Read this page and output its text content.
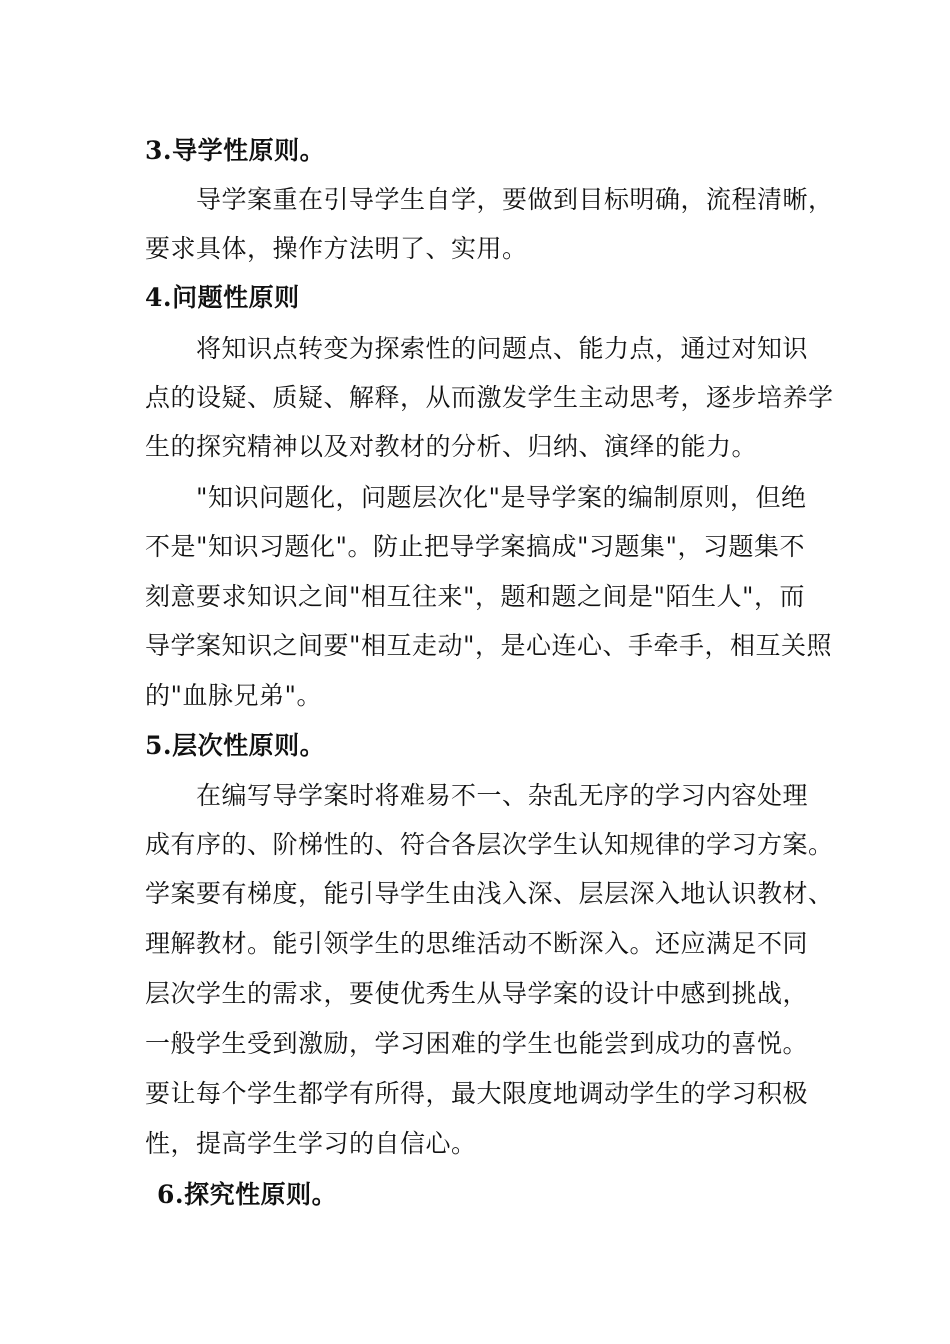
3.导学性原则。
导学案重在引导学生自学，要做到目标明确，流程清晰，
要求具体，操作方法明了、实用。
4.问题性原则
将知识点转变为探索性的问题点、能力点，通过对知识
点的设疑、质疑、解释，从而激发学生主动思考，逐步培养学
生的探究精神以及对教材的分析、归纳、演绎的能力。
"知识问题化，问题层次化"是导学案的编制原则，但绝
不是"知识习题化"。防止把导学案搞成"习题集"，习题集不
刻意要求知识之间"相互往来"，题和题之间是"陌生人"，而
导学案知识之间要"相互走动"，是心连心、手牵手，相互关照
的"血脉兄弟"。
5.层次性原则。
在编写导学案时将难易不一、杂乱无序的学习内容处理
成有序的、阶梯性的、符合各层次学生认知规律的学习方案。
学案要有梯度，能引导学生由浅入深、层层深入地认识教材、
理解教材。能引领学生的思维活动不断深入。还应满足不同
层次学生的需求，要使优秀生从导学案的设计中感到挑战，
一般学生受到激励，学习困难的学生也能尝到成功的喜悦。
要让每个学生都学有所得，最大限度地调动学生的学习积极
性，提高学生学习的自信心。
6.探究性原则。
